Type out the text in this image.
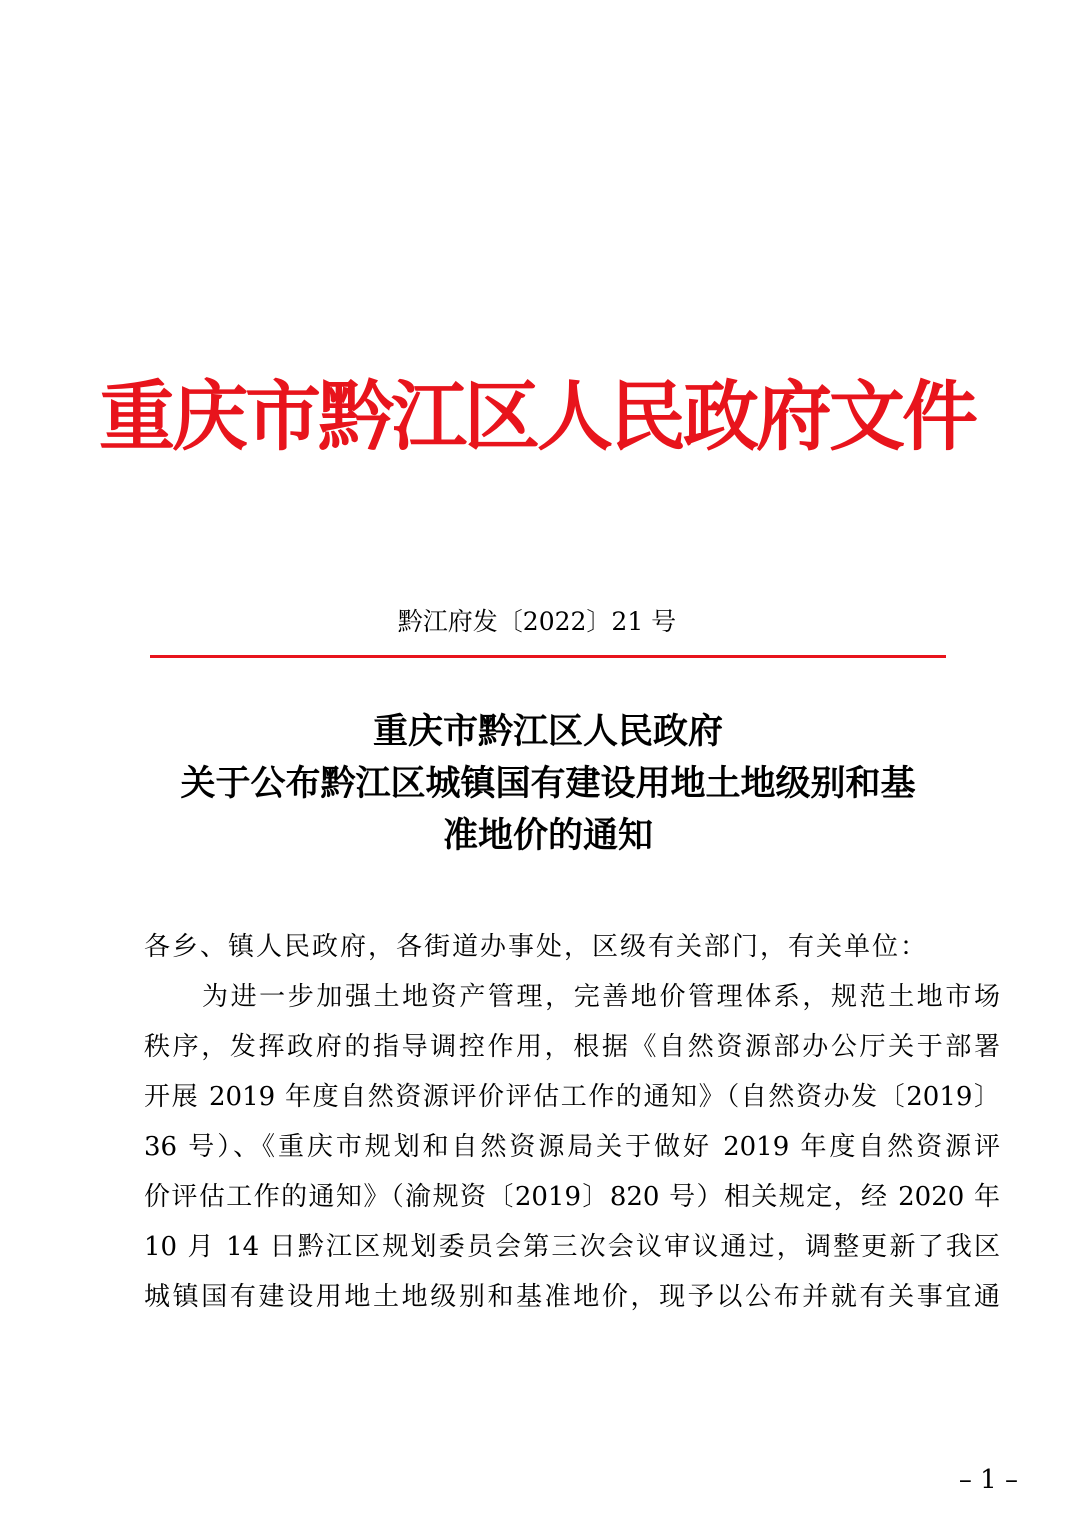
重庆市黔江区人民政府文件
黔江府发〔2022〕21 号
重庆市黔江区人民政府
关于公布黔江区城镇国有建设用地土地级别和基
准地价的通知
各乡、镇人民政府，各街道办事处，区级有关部门，有关单位：
为进一步加强土地资产管理，完善地价管理体系，规范土地市场
秩序，发挥政府的指导调控作用，根据《自然资源部办公厅关于部署
开展 2019 年度自然资源评价评估工作的通知》（自然资办发〔2019〕
36 号）、《重庆市规划和自然资源局关于做好 2019 年度自然资源评
价评估工作的通知》（渝规资〔2019〕820 号）相关规定，经 2020 年
10 月 14 日黔江区规划委员会第三次会议审议通过，调整更新了我区
城镇国有建设用地土地级别和基准地价，现予以公布并就有关事宜通
– 1 –
